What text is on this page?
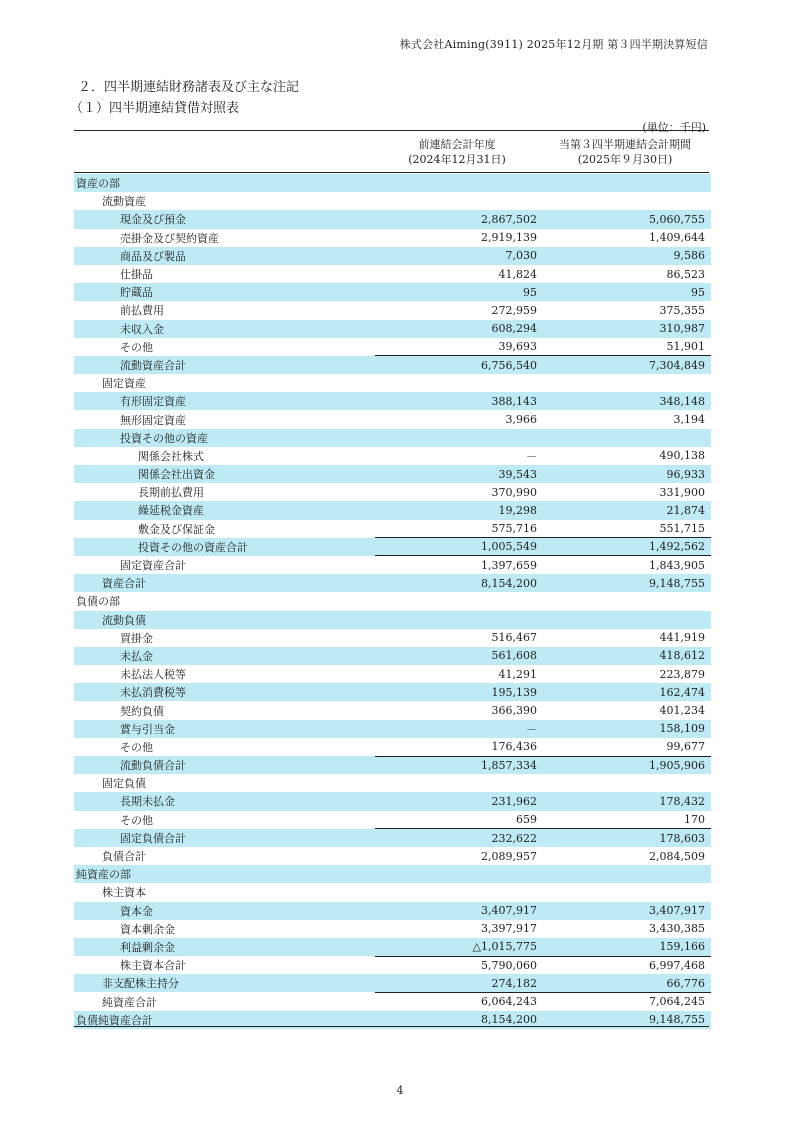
株式会社Aiming(3911) 2025年12月期 第３四半期決算短信
２．四半期連結財務諸表及び主な注記
（１）四半期連結貸借対照表
(単位：千円)
前連結会計年度
(2024年12月31日)
当第３四半期連結会計期間
(2025年９月30日)
資産の部		
流動資産		
現金及び預金	2,867,502	5,060,755
売掛金及び契約資産	2,919,139	1,409,644
商品及び製品	7,030	9,586
仕掛品	41,824	86,523
貯蔵品	95	95
前払費用	272,959	375,355
未収入金	608,294	310,987
その他	39,693	51,901
流動資産合計	6,756,540	7,304,849
固定資産		
有形固定資産	388,143	348,148
無形固定資産	3,966	3,194
投資その他の資産		
関係会社株式	－	490,138
関係会社出資金	39,543	96,933
長期前払費用	370,990	331,900
繰延税金資産	19,298	21,874
敷金及び保証金	575,716	551,715
投資その他の資産合計	1,005,549	1,492,562
固定資産合計	1,397,659	1,843,905
資産合計	8,154,200	9,148,755
負債の部		
流動負債		
買掛金	516,467	441,919
未払金	561,608	418,612
未払法人税等	41,291	223,879
未払消費税等	195,139	162,474
契約負債	366,390	401,234
賞与引当金	－	158,109
その他	176,436	99,677
流動負債合計	1,857,334	1,905,906
固定負債		
長期未払金	231,962	178,432
その他	659	170
固定負債合計	232,622	178,603
負債合計	2,089,957	2,084,509
純資産の部		
株主資本		
資本金	3,407,917	3,407,917
資本剰余金	3,397,917	3,430,385
利益剰余金	△1,015,775	159,166
株主資本合計	5,790,060	6,997,468
非支配株主持分	274,182	66,776
純資産合計	6,064,243	7,064,245
負債純資産合計	8,154,200	9,148,755
4
